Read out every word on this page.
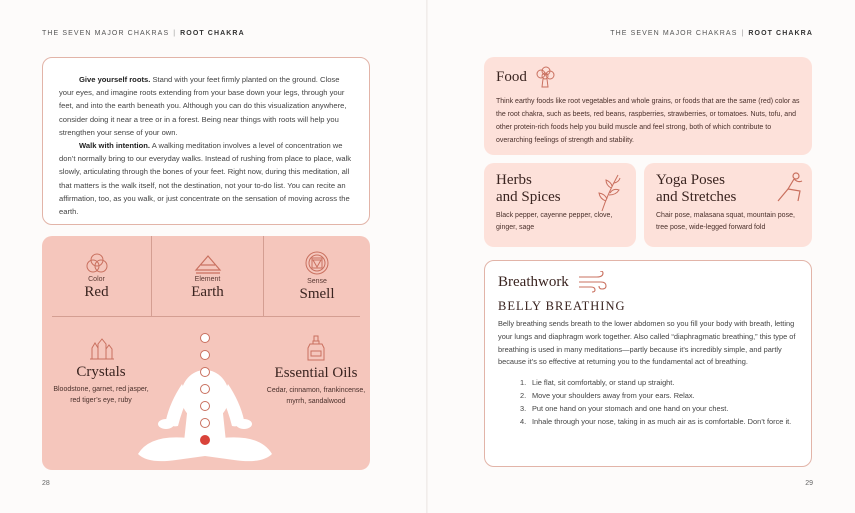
THE SEVEN MAJOR CHAKRAS | ROOT CHAKRA

Give yourself roots. Stand with your feet firmly planted on the ground. Close your eyes, and imagine roots extending from your base down your legs, through your feet, and into the earth beneath you. Although you can do this visualization anywhere, consider doing it near a tree or in a forest. Being near things with roots will help you strengthen your sense of your own.

Walk with intention. A walking meditation involves a level of concentration we don’t normally bring to our everyday walks. Instead of rushing from place to place, walk slowly, articulating through the bones of your feet. Right now, during this meditation, all that matters is the walk itself, not the destination, not your to-do list. You can recite an affirmation, too, as you walk, or just concentrate on the sensation of moving across the earth.

Color
Red
Element
Earth
Sense
Smell
Crystals
Bloodstone, garnet, red jasper, red tiger’s eye, ruby
Essential Oils
Cedar, cinnamon, frankincense, myrrh, sandalwood
28
THE SEVEN MAJOR CHAKRAS | ROOT CHAKRA
Food

Think earthy foods like root vegetables and whole grains, or foods that are the same (red) color as the root chakra, such as beets, red beans, raspberries, strawberries, or tomatoes. Nuts, tofu, and other protein-rich foods help you build muscle and feel strong, both of which contribute to overarching feelings of strength and stability.

Herbs
and Spices

Black pepper, cayenne pepper, clove, ginger, sage

Yoga Poses
and Stretches

Chair pose, malasana squat, mountain pose, tree pose, wide-legged forward fold

Breathwork
BELLY BREATHING

Belly breathing sends breath to the lower abdomen so you fill your body with breath, letting your lungs and diaphragm work together. Also called “diaphragmatic breathing,” this type of breathing is used in many meditations—partly because it’s incredibly simple, and partly because it’s so effective at returning you to the fundamental act of breathing.

1. Lie flat, sit comfortably, or stand up straight.
2. Move your shoulders away from your ears. Relax.
3. Put one hand on your stomach and one hand on your chest.
4. Inhale through your nose, taking in as much air as is comfortable. Don’t force it.
29
